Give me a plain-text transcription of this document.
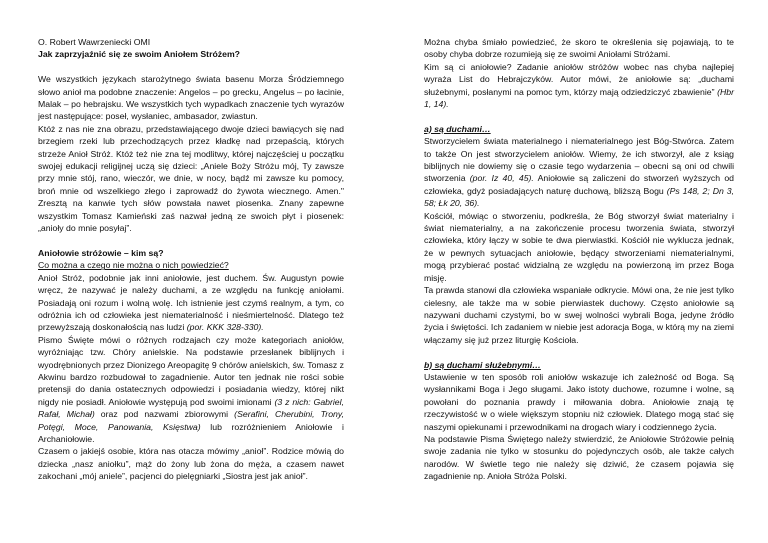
O. Robert Wawrzeniecki OMI

Jak zaprzyjaźnić się ze swoim Aniołem Stróżem?

We wszystkich językach starożytnego świata basenu Morza Śródziemnego słowo anioł ma podobne znaczenie: Angelos – po grecku, Angelus – po łacinie, Malak – po hebrajsku. We wszystkich tych wypadkach znaczenie tych wyrazów jest następujące: poseł, wysłaniec, ambasador, zwiastun.

Któż z nas nie zna obrazu, przedstawiającego dwoje dzieci bawiących się nad brzegiem rzeki lub przechodzących przez kładkę nad przepaścią, których strzeże Anioł Stróż. Któż też nie zna tej modlitwy, której najczęściej u początku swojej edukacji religijnej uczą się dzieci: „Aniele Boży Stróżu mój, Ty zawsze przy mnie stój, rano, wieczór, we dnie, w nocy, bądź mi zawsze ku pomocy, broń mnie od wszelkiego złego i zaprowadź do żywota wiecznego. Amen." Zresztą na kanwie tych słów powstała nawet piosenka. Znany zapewne wszystkim Tomasz Kamieński zaś nazwał jedną ze swoich płyt i piosenek: „anioły do mnie posyłaj”.

Aniołowie stróżowie – kim są?

Co można a czego nie można o nich powiedzieć?

Anioł Stróż, podobnie jak inni aniołowie, jest duchem. Św. Augustyn powie wręcz, że nazywać je należy duchami, a ze względu na funkcję aniołami. Posiadają oni rozum i wolną wolę. Ich istnienie jest czymś realnym, a tym, co odróżnia ich od człowieka jest niematerialność i nieśmiertelność. Dlatego też przewyższają doskonałością nas ludzi (por. KKK 328-330).

Pismo Święte mówi o różnych rodzajach czy może kategoriach aniołów, wyróżniając tzw. Chóry anielskie. Na podstawie przesłanek biblijnych i wyodrębnionych przez Dionizego Areopagitę 9 chórów anielskich, św. Tomasz z Akwinu bardzo rozbudował to zagadnienie. Autor ten jednak nie rości sobie pretensji do dania ostatecznych odpowiedzi i posiadania wiedzy, której nikt nigdy nie posiadł. Aniołowie występują pod swoimi imionami (3 z nich: Gabriel, Rafał, Michał) oraz pod nazwami zbiorowymi (Serafini, Cherubini, Trony, Potęgi, Moce, Panowania, Księstwa) lub rozróżnieniem Aniołowie i Archaniołowie.

Czasem o jakiejś osobie, która nas otacza mówimy „anioł”. Rodzice mówią do dziecka „nasz aniołku”, mąż do żony lub żona do męża, a czasem nawet zakochani „mój aniele”, pacjenci do pielęgniarki „Siostra jest jak anioł”.

Można chyba śmiało powiedzieć, że skoro te określenia się pojawiają, to te osoby chyba dobrze rozumieją się ze swoimi Aniołami Stróżami.

Kim są ci aniołowie? Zadanie aniołów stróżów wobec nas chyba najlepiej wyraża List do Hebrajczyków. Autor mówi, że aniołowie są: „duchami służebnymi, posłanymi na pomoc tym, którzy mają odziedziczyć zbawienie” (Hbr 1, 14).

a) są duchami…

Stworzycielem świata materialnego i niematerialnego jest Bóg-Stwórca. Zatem to także On jest stworzycielem aniołów. Wiemy, że ich stworzył, ale z ksiąg biblijnych nie dowiemy się o czasie tego wydarzenia – obecni są oni od chwili stworzenia (por. Iz 40, 45). Aniołowie są zaliczeni do stworzeń wyższych od człowieka, gdyż posiadających naturę duchową, bliższą Bogu (Ps 148, 2; Dn 3, 58; Łk 20, 36).

Kościół, mówiąc o stworzeniu, podkreśla, że Bóg stworzył świat materialny i świat niematerialny, a na zakończenie procesu tworzenia świata, stworzył człowieka, który łączy w sobie te dwa pierwiastki. Kościół nie wyklucza jednak, że w pewnych sytuacjach aniołowie, będący stworzeniami niematerialnymi, mogą przybierać postać widzialną ze względu na powierzoną im przez Boga misję.

Ta prawda stanowi dla człowieka wspaniałe odkrycie. Mówi ona, że nie jest tylko cielesny, ale także ma w sobie pierwiastek duchowy. Często aniołowie są nazywani duchami czystymi, bo w swej wolności wybrali Boga, jedyne źródło życia i świętości. Ich zadaniem w niebie jest adoracja Boga, w którą my na ziemi włączamy się już przez liturgię Kościoła.

b) są duchami służebnymi…

Ustawienie w ten sposób roli aniołów wskazuje ich zależność od Boga. Są wysłannikami Boga i Jego sługami. Jako istoty duchowe, rozumne i wolne, są powołani do poznania prawdy i miłowania dobra. Aniołowie znają tę rzeczywistość w o wiele większym stopniu niż człowiek. Dlatego mogą stać się naszymi opiekunami i przewodnikami na drogach wiary i codziennego życia.

Na podstawie Pisma Świętego należy stwierdzić, że Aniołowie Stróżowie pełnią swoje zadania nie tylko w stosunku do pojedynczych osób, ale także całych narodów. W świetle tego nie należy się dziwić, że czasem pojawia się zagadnienie np. Anioła Stróża Polski.
